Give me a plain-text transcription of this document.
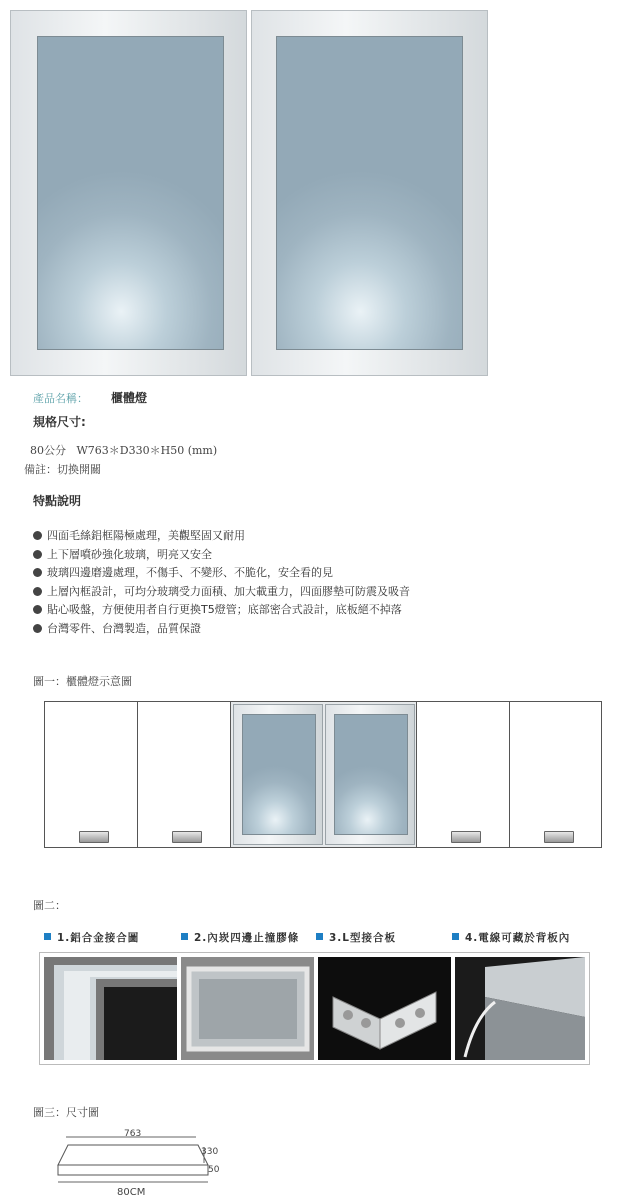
產品名稱： 櫃體燈
規格尺寸:
80公分   W763＊D330＊H50 (mm)
備註：切換開關
特點說明
四面毛絲鋁框陽極處理，美觀堅固又耐用
上下層噴砂強化玻璃，明亮又安全
玻璃四邊磨邊處理，不傷手、不變形、不脆化，安全看的見
上層內框設計，可均分玻璃受力面積、加大載重力，四面膠墊可防震及吸音
貼心吸盤，方便使用者自行更換T5燈管；底部密合式設計，底板絕不掉落
台灣零件、台灣製造，品質保證
圖一：櫃體燈示意圖
圖二：
1.鋁合金接合圖	2.內崁四邊止撞膠條	3.L型接合板	4.電線可藏於背板內
圖三：尺寸圖
763
330
50
80CM
